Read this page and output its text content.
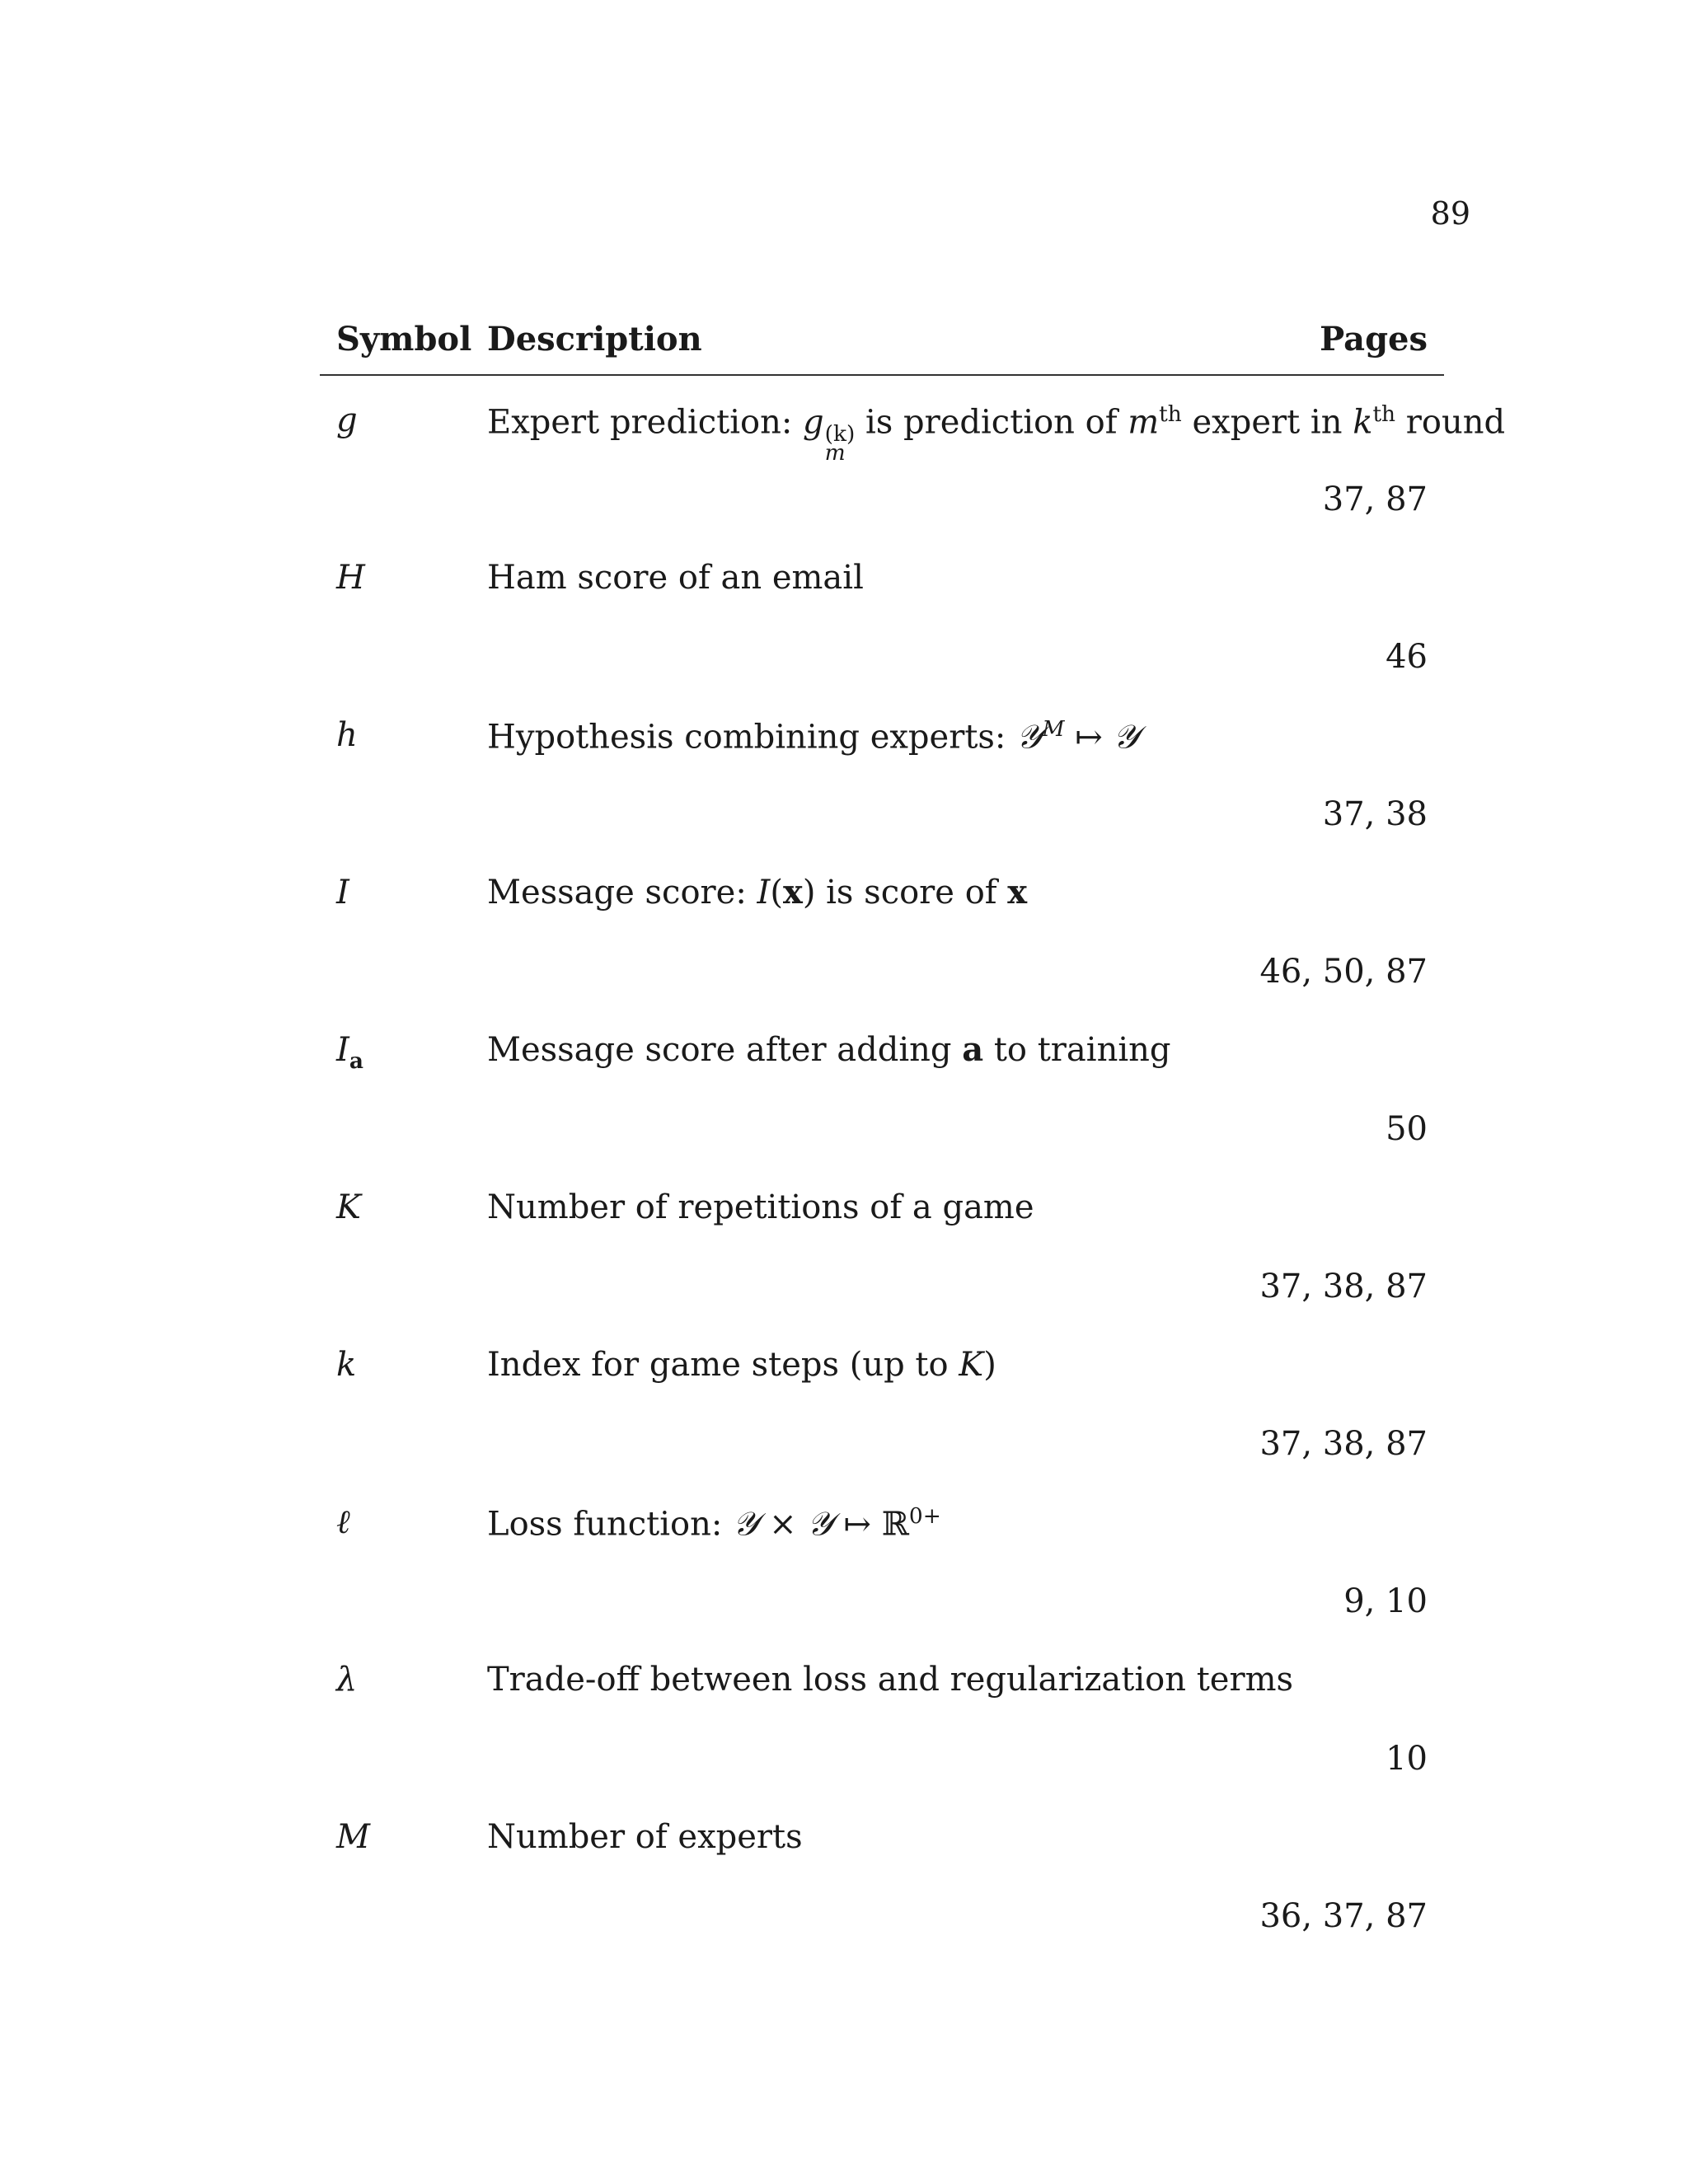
89
Symbol Description	Pages
g	Expert prediction: g (k)
m
is prediction of $m^{th}$ expert in $k^{th}$ round
37, 87
H	Ham score of an email
46
h	Hypothesis combining experts: 𝒴$^M$ ↦ 𝒴
37, 38
I	Message score: I(x) is score of x
46, 50, 87
$I_a$	Message score after adding a to training
50
K	Number of repetitions of a game
37, 38, 87
k	Index for game steps (up to K)
37, 38, 87
ℓ	Loss function: 𝒴 × 𝒴 ↦ ℝ$^{0+}$
9, 10
λ	Trade-off between loss and regularization terms
10
M	Number of experts
36, 37, 87
